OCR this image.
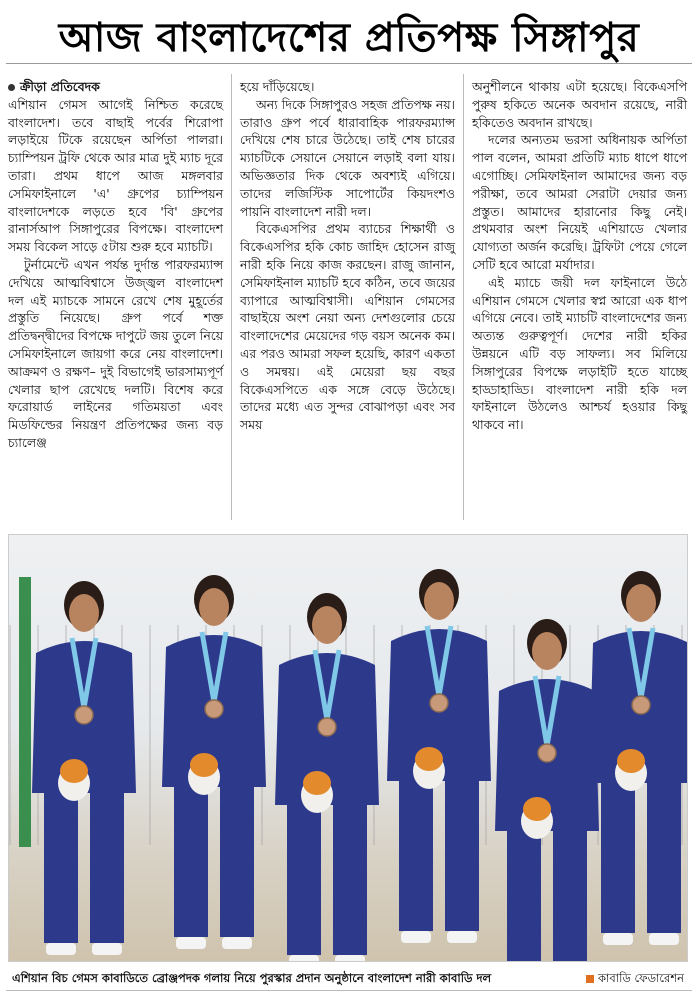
আজ বাংলাদেশের প্রতিপক্ষ সিঙ্গাপুর
ক্রীড়া প্রতিবেদক

এশিয়ান গেমস আগেই নিশ্চিত করেছে বাংলাদেশ। তবে বাছাই পর্বের শিরোপা লড়াইয়ে টিকে রয়েছেন অর্পিতা পালরা। চ্যাম্পিয়ন ট্রফি থেকে আর মাত্র দুই ম্যাচ দূরে তারা। প্রথম ধাপে আজ মঙ্গলবার সেমিফাইনালে 'এ' গ্রুপের চ্যাম্পিয়ন বাংলাদেশকে লড়তে হবে 'বি' গ্রুপের রানার্সআপ সিঙ্গাপুরের বিপক্ষে। বাংলাদেশ সময় বিকেল সাড়ে ৫টায় শুরু হবে ম্যাচটি।

টুর্নামেন্টে এখন পর্যন্ত দুর্দান্ত পারফরম্যান্স দেখিয়ে আত্মবিশ্বাসে উজ্জ্বল বাংলাদেশ দল এই ম্যাচকে সামনে রেখে শেষ মুহূর্তের প্রস্তুতি নিয়েছে। গ্রুপ পর্বে শক্ত প্রতিদ্বন্দ্বীদের বিপক্ষে দাপুটে জয় তুলে নিয়ে সেমিফাইনালে জায়গা করে নেয় বাংলাদেশ। আক্রমণ ও রক্ষণ– দুই বিভাগেই ভারসাম্যপূর্ণ খেলার ছাপ রেখেছে দলটি। বিশেষ করে ফরোয়ার্ড লাইনের গতিময়তা এবং মিডফিল্ডের নিয়ন্ত্রণ প্রতিপক্ষের জন্য বড় চ্যালেঞ্জ

হয়ে দাঁড়িয়েছে।

অন্য দিকে সিঙ্গাপুরও সহজ প্রতিপক্ষ নয়। তারাও গ্রুপ পর্বে ধারাবাহিক পারফরম্যান্স দেখিয়ে শেষ চারে উঠেছে। তাই শেষ চারের ম্যাচটিকে সেয়ানে সেয়ানে লড়াই বলা যায়। অভিজ্ঞতার দিক থেকে অবশ্যই এগিয়ে। তাদের লজিস্টিক সাপোর্টের কিয়দংশও পায়নি বাংলাদেশ নারী দল।

বিকেএসপির প্রথম ব্যাচের শিক্ষার্থী ও বিকেএসপির হকি কোচ জাহিদ হোসেন রাজু নারী হকি নিয়ে কাজ করছেন। রাজু জানান, সেমিফাইনাল ম্যাচটি হবে কঠিন, তবে জয়ের ব্যাপারে আত্মবিশ্বাসী। এশিয়ান গেমসের বাছাইয়ে অংশ নেয়া অন্য দেশগুলোর চেয়ে বাংলাদেশের মেয়েদের গড় বয়স অনেক কম। এর পরও আমরা সফল হয়েছি, কারণ একতা ও সমন্বয়। এই মেয়েরা ছয় বছর বিকেএসপিতে এক সঙ্গে বেড়ে উঠেছে। তাদের মধ্যে এত সুন্দর বোঝাপড়া এবং সব সময়

অনুশীলনে থাকায় এটা হয়েছে। বিকেএসপি পুরুষ হকিতে অনেক অবদান রয়েছে, নারী হকিতেও অবদান রাখছে।

দলের অন্যতম ভরসা অধিনায়ক অর্পিতা পাল বলেন, আমরা প্রতিটি ম্যাচ ধাপে ধাপে এগোচ্ছি। সেমিফাইনাল আমাদের জন্য বড় পরীক্ষা, তবে আমরা সেরাটা দেয়ার জন্য প্রস্তুত। আমাদের হারানোর কিছু নেই। প্রথমবার অংশ নিয়েই এশিয়াডে খেলার যোগ্যতা অর্জন করেছি। ট্রফিটা পেয়ে গেলে সেটি হবে আরো মর্যাদার।

এই ম্যাচে জয়ী দল ফাইনালে উঠে এশিয়ান গেমসে খেলার স্বপ্ন আরো এক ধাপ এগিয়ে নেবে। তাই ম্যাচটি বাংলাদেশের জন্য অত্যন্ত গুরুত্বপূর্ণ। দেশের নারী হকির উন্নয়নে এটি বড় সাফল্য। সব মিলিয়ে সিঙ্গাপুরের বিপক্ষে লড়াইটি হতে যাচ্ছে হাড্ডাহাড্ডি। বাংলাদেশ নারী হকি দল ফাইনালে উঠলেও আশ্চর্য হওয়ার কিছু থাকবে না।

এশিয়ান বিচ গেমস কাবাডিতে ব্রোঞ্জপদক গলায় নিয়ে পুরস্কার প্রদান অনুষ্ঠানে বাংলাদেশ নারী কাবাডি দল	কাবাডি ফেডারেশন
